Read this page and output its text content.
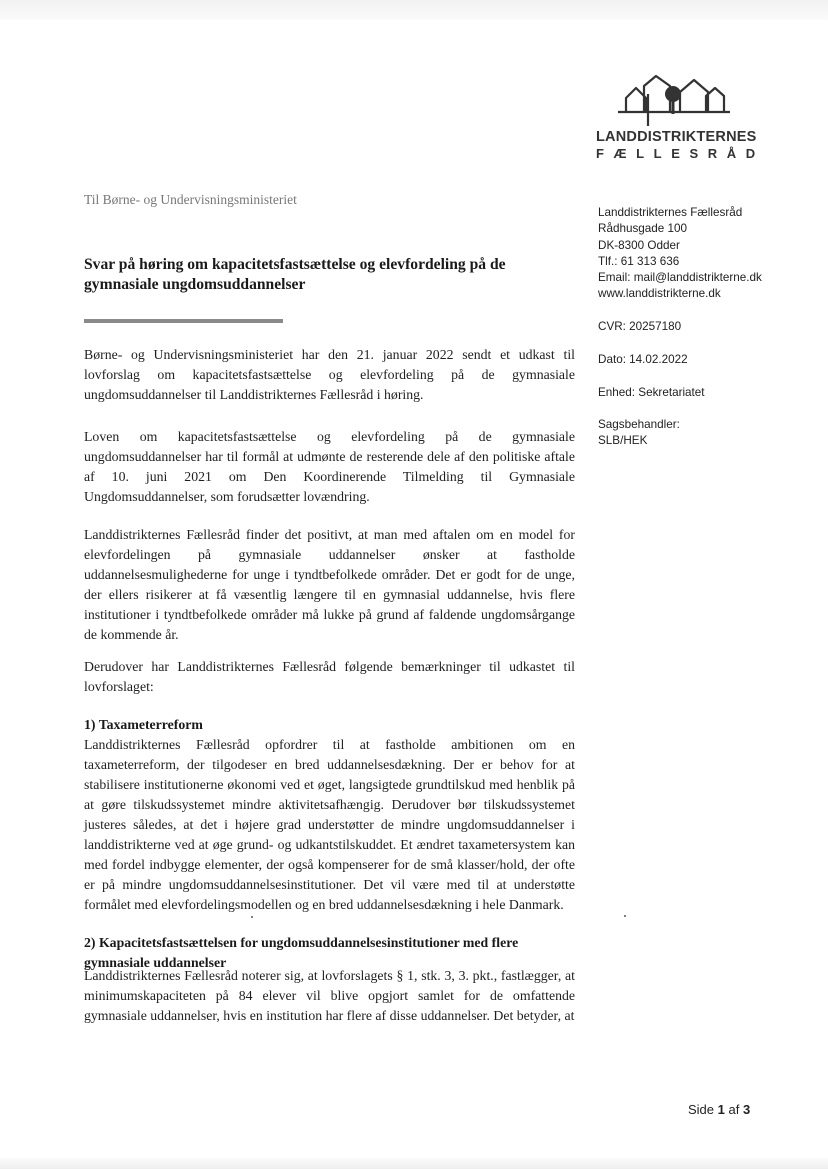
LANDDISTRIKTERNES
FÆLLESRÅD
Til Børne- og Undervisningsministeriet
Svar på høring om kapacitetsfastsættelse og elevfordeling på de gymnasiale ungdomsuddannelser
Landdistrikternes Fællesråd
Rådhusgade 100
DK-8300 Odder
Tlf.: 61 313 636
Email: mail@landdistrikterne.dk
www.landdistrikterne.dk
CVR: 20257180
Dato: 14.02.2022
Enhed: Sekretariatet
Sagsbehandler:
SLB/HEK

Børne- og Undervisningsministeriet har den 21. januar 2022 sendt et udkast til lovforslag om kapacitetsfastsættelse og elevfordeling på de gymnasiale ungdomsuddannelser til Landdistrikternes Fællesråd i høring.

Loven om kapacitetsfastsættelse og elevfordeling på de gymnasiale ungdomsuddannelser har til formål at udmønte de resterende dele af den politiske aftale af 10. juni 2021 om Den Koordinerende Tilmelding til Gymnasiale Ungdomsuddannelser, som forudsætter lovændring.

Landdistrikternes Fællesråd finder det positivt, at man med aftalen om en model for elevfordelingen på gymnasiale uddannelser ønsker at fastholde uddannelsesmulighederne for unge i tyndtbefolkede områder. Det er godt for de unge, der ellers risikerer at få væsentlig længere til en gymnasial uddannelse, hvis flere institutioner i tyndtbefolkede områder må lukke på grund af faldende ungdomsårgange de kommende år.

Derudover har Landdistrikternes Fællesråd følgende bemærkninger til udkastet til lovforslaget:

1) Taxameterreform

Landdistrikternes Fællesråd opfordrer til at fastholde ambitionen om en taxameterreform, der tilgodeser en bred uddannelsesdækning. Der er behov for at stabilisere institutionerne økonomi ved et øget, langsigtede grundtilskud med henblik på at gøre tilskudssystemet mindre aktivitetsafhængig. Derudover bør tilskudssystemet justeres således, at det i højere grad understøtter de mindre ungdomsuddannelser i landdistrikterne ved at øge grund- og udkantstilskuddet. Et ændret taxametersystem kan med fordel indbygge elementer, der også kompenserer for de små klasser/hold, der ofte er på mindre ungdomsuddannelsesinstitutioner. Det vil være med til at understøtte formålet med elevfordelingsmodellen og en bred uddannelsesdækning i hele Danmark.

2) Kapacitetsfastsættelsen for ungdomsuddannelsesinstitutioner med flere gymnasiale uddannelser

Landdistrikternes Fællesråd noterer sig, at lovforslagets § 1, stk. 3, 3. pkt., fastlægger, at minimumskapaciteten på 84 elever vil blive opgjort samlet for de omfattende gymnasiale uddannelser, hvis en institution har flere af disse uddannelser. Det betyder, at

Side 1 af 3
